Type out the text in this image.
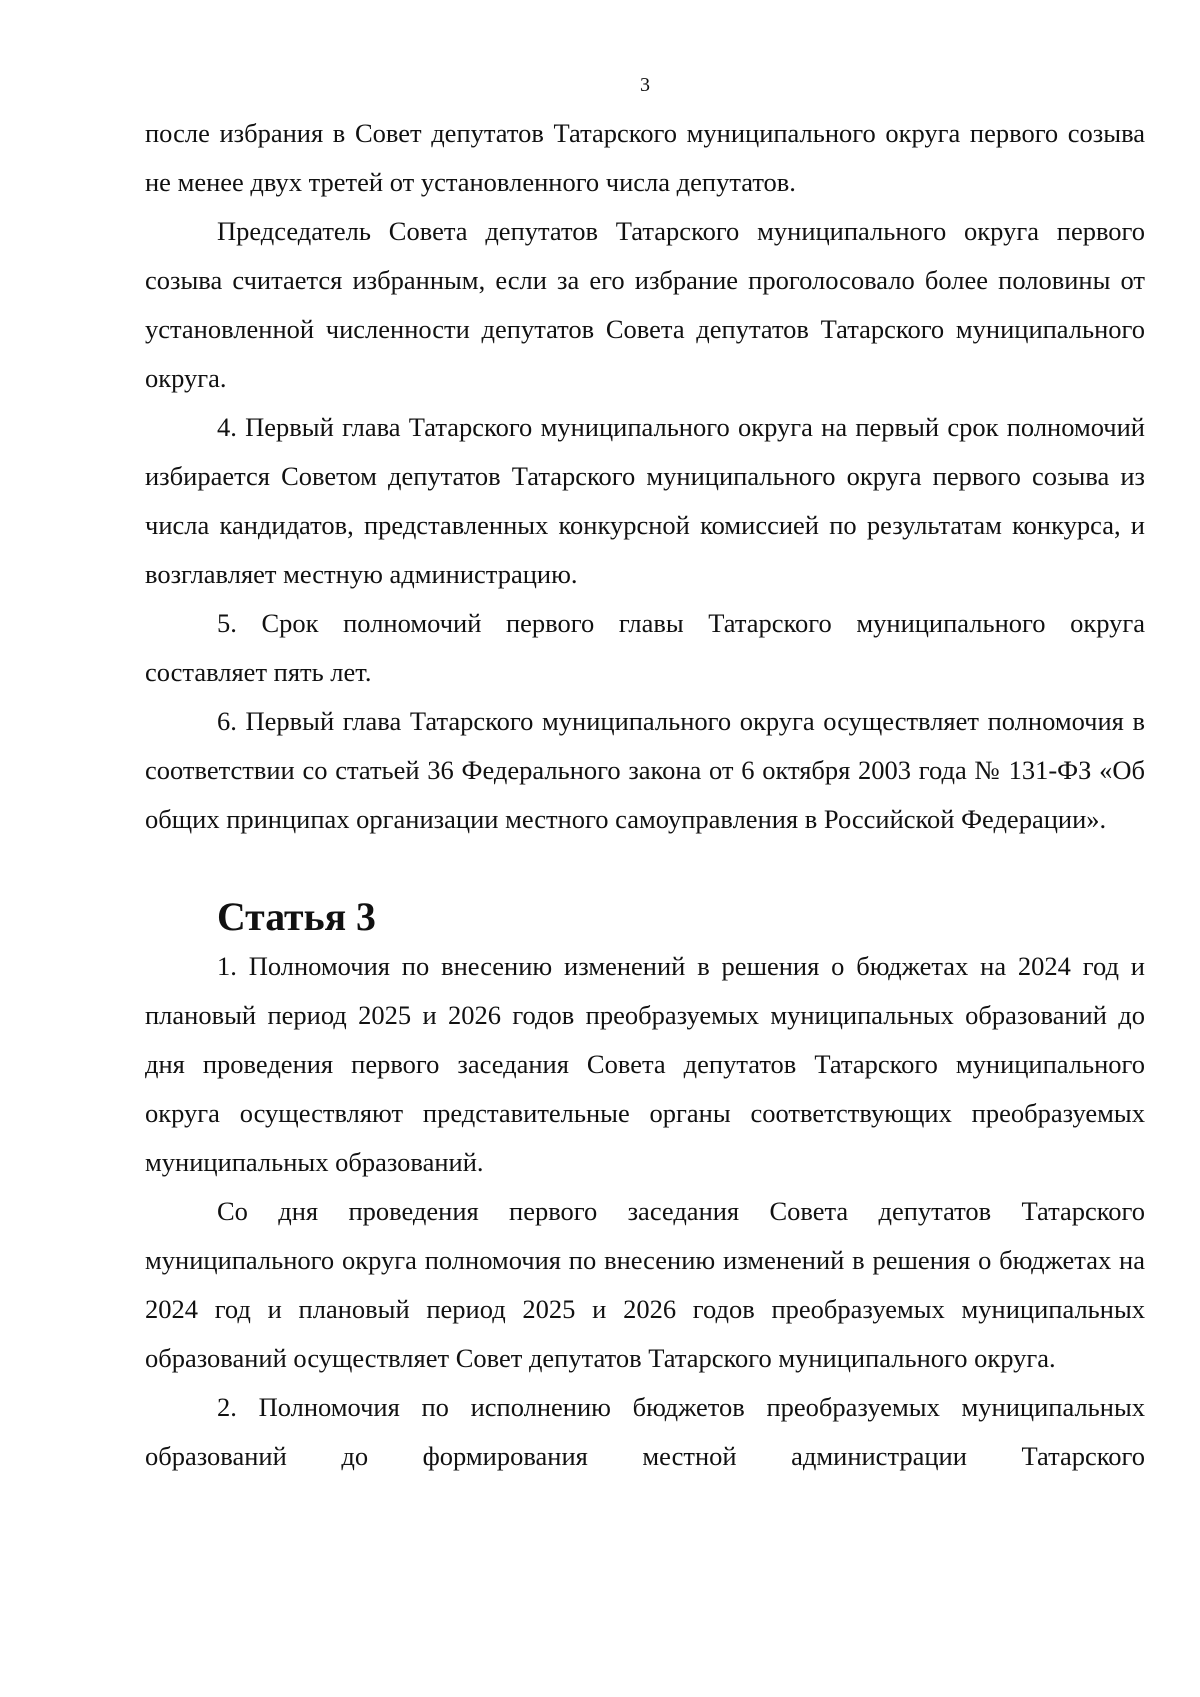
3

после избрания в Совет депутатов Татарского муниципального округа первого созыва не менее двух третей от установленного числа депутатов.

Председатель Совета депутатов Татарского муниципального округа первого созыва считается избранным, если за его избрание проголосовало более половины от установленной численности депутатов Совета депутатов Татарского муниципального округа.

4. Первый глава Татарского муниципального округа на первый срок полномочий избирается Советом депутатов Татарского муниципального округа первого созыва из числа кандидатов, представленных конкурсной комиссией по результатам конкурса, и возглавляет местную администрацию.

5. Срок полномочий первого главы Татарского муниципального округа составляет пять лет.

6. Первый глава Татарского муниципального округа осуществляет полномочия в соответствии со статьей 36 Федерального закона от 6 октября 2003 года № 131-ФЗ «Об общих принципах организации местного самоуправления в Российской Федерации».

Статья 3

1. Полномочия по внесению изменений в решения о бюджетах на 2024 год и плановый период 2025 и 2026 годов преобразуемых муниципальных образований до дня проведения первого заседания Совета депутатов Татарского муниципального округа осуществляют представительные органы соответствующих преобразуемых муниципальных образований.

Со дня проведения первого заседания Совета депутатов Татарского муниципального округа полномочия по внесению изменений в решения о бюджетах на 2024 год и плановый период 2025 и 2026 годов преобразуемых муниципальных образований осуществляет Совет депутатов Татарского муниципального округа.

2. Полномочия по исполнению бюджетов преобразуемых муниципальных образований до формирования местной администрации Татарского
